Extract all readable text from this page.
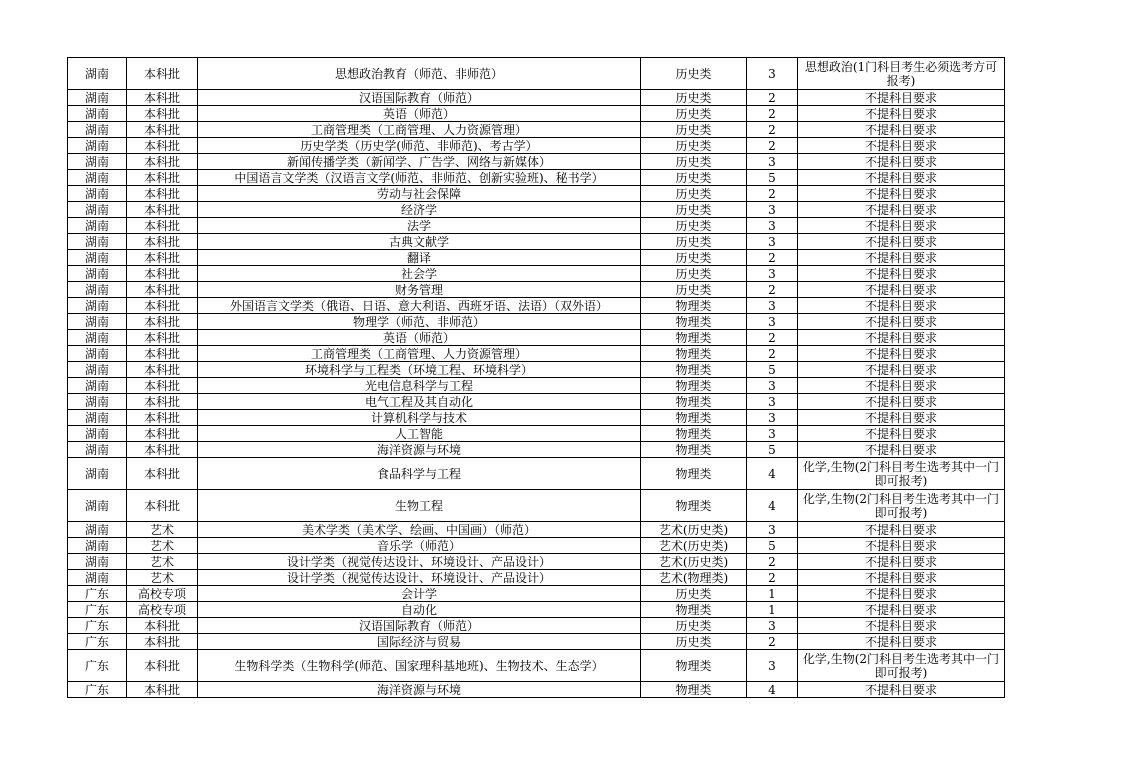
湖南	本科批	思想政治教育（师范、非师范）	历史类	3	思想政治(1门科目考生必须选考方可报考)
湖南	本科批	汉语国际教育（师范）	历史类	2	不提科目要求
湖南	本科批	英语（师范）	历史类	2	不提科目要求
湖南	本科批	工商管理类（工商管理、人力资源管理）	历史类	2	不提科目要求
湖南	本科批	历史学类（历史学(师范、非师范)、考古学）	历史类	2	不提科目要求
湖南	本科批	新闻传播学类（新闻学、广告学、网络与新媒体）	历史类	3	不提科目要求
湖南	本科批	中国语言文学类（汉语言文学(师范、非师范、创新实验班)、秘书学）	历史类	5	不提科目要求
湖南	本科批	劳动与社会保障	历史类	2	不提科目要求
湖南	本科批	经济学	历史类	3	不提科目要求
湖南	本科批	法学	历史类	3	不提科目要求
湖南	本科批	古典文献学	历史类	3	不提科目要求
湖南	本科批	翻译	历史类	2	不提科目要求
湖南	本科批	社会学	历史类	3	不提科目要求
湖南	本科批	财务管理	历史类	2	不提科目要求
湖南	本科批	外国语言文学类（俄语、日语、意大利语、西班牙语、法语）（双外语）	物理类	3	不提科目要求
湖南	本科批	物理学（师范、非师范）	物理类	3	不提科目要求
湖南	本科批	英语（师范）	物理类	2	不提科目要求
湖南	本科批	工商管理类（工商管理、人力资源管理）	物理类	2	不提科目要求
湖南	本科批	环境科学与工程类（环境工程、环境科学）	物理类	5	不提科目要求
湖南	本科批	光电信息科学与工程	物理类	3	不提科目要求
湖南	本科批	电气工程及其自动化	物理类	3	不提科目要求
湖南	本科批	计算机科学与技术	物理类	3	不提科目要求
湖南	本科批	人工智能	物理类	3	不提科目要求
湖南	本科批	海洋资源与环境	物理类	5	不提科目要求
湖南	本科批	食品科学与工程	物理类	4	化学,生物(2门科目考生选考其中一门即可报考)
湖南	本科批	生物工程	物理类	4	化学,生物(2门科目考生选考其中一门即可报考)
湖南	艺术	美术学类（美术学、绘画、中国画）（师范）	艺术(历史类)	3	不提科目要求
湖南	艺术	音乐学（师范）	艺术(历史类)	5	不提科目要求
湖南	艺术	设计学类（视觉传达设计、环境设计、产品设计）	艺术(历史类)	2	不提科目要求
湖南	艺术	设计学类（视觉传达设计、环境设计、产品设计）	艺术(物理类)	2	不提科目要求
广东	高校专项	会计学	历史类	1	不提科目要求
广东	高校专项	自动化	物理类	1	不提科目要求
广东	本科批	汉语国际教育（师范）	历史类	3	不提科目要求
广东	本科批	国际经济与贸易	历史类	2	不提科目要求
广东	本科批	生物科学类（生物科学(师范、国家理科基地班)、生物技术、生态学）	物理类	3	化学,生物(2门科目考生选考其中一门即可报考)
广东	本科批	海洋资源与环境	物理类	4	不提科目要求
